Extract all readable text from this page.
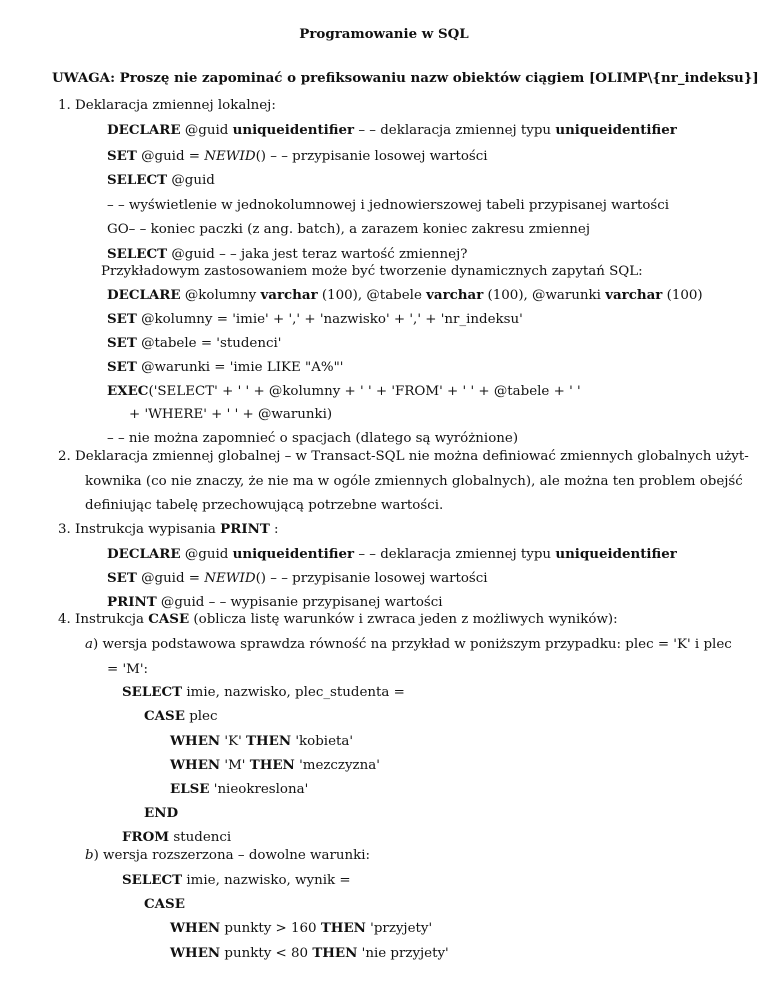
Programowanie w SQL
UWAGA: Proszę nie zapominać o prefiksowaniu nazw obiektów ciągiem [OLIMP\{nr_indeksu}]
1. Deklaracja zmiennej lokalnej:
DECLARE @guid uniqueidentifier – – deklaracja zmiennej typu uniqueidentifier
SET @guid = NEWID() – – przypisanie losowej wartości
SELECT @guid
– – wyświetlenie w jednokolumnowej i jednowierszowej tabeli przypisanej wartości
GO– – koniec paczki (z ang. batch), a zarazem koniec zakresu zmiennej
SELECT @guid – – jaka jest teraz wartość zmiennej?
Przykładowym zastosowaniem może być tworzenie dynamicznych zapytań SQL:
DECLARE @kolumny varchar (100), @tabele varchar (100), @warunki varchar (100)
SET @kolumny = 'imie' + ',' + 'nazwisko' + ',' + 'nr_indeksu'
SET @tabele = 'studenci'
SET @warunki = 'imie LIKE "A%"'
EXEC('SELECT' + ' ' + @kolumny + ' ' + 'FROM' + ' ' + @tabele + ' '
+ 'WHERE' + ' ' + @warunki)
– – nie można zapomnieć o spacjach (dlatego są wyróżnione)
2. Deklaracja zmiennej globalnej – w Transact-SQL nie można definiować zmiennych globalnych użyt-
kownika (co nie znaczy, że nie ma w ogóle zmiennych globalnych), ale można ten problem obejść
definiując tabelę przechowującą potrzebne wartości.
3. Instrukcja wypisania PRINT :
DECLARE @guid uniqueidentifier – – deklaracja zmiennej typu uniqueidentifier
SET @guid = NEWID() – – przypisanie losowej wartości
PRINT @guid – – wypisanie przypisanej wartości
4. Instrukcja CASE (oblicza listę warunków i zwraca jeden z możliwych wyników):
a) wersja podstawowa sprawdza równość na przykład w poniższym przypadku: plec = 'K' i plec
= 'M':
SELECT imie, nazwisko, plec_studenta =
CASE plec
WHEN 'K' THEN 'kobieta'
WHEN 'M' THEN 'mezczyzna'
ELSE 'nieokreslona'
END
FROM studenci
b) wersja rozszerzona – dowolne warunki:
SELECT imie, nazwisko, wynik =
CASE
WHEN punkty > 160 THEN 'przyjety'
WHEN punkty < 80 THEN 'nie przyjety'
